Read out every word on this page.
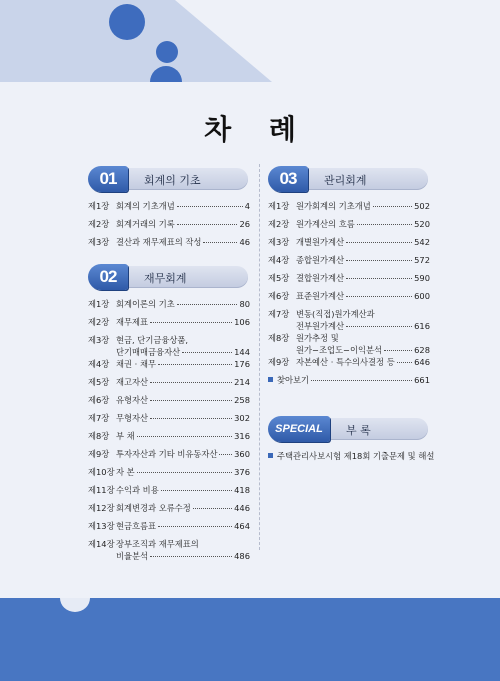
차 례
01	회계의 기초
제1장 회계의 기초개념	4
제2장 회계거래의 기록	26
제3장 결산과 재무제표의 작성	46
02	재무회계
제1장 회계이론의 기초	80
제2장 재무제표	106
제3장 현금, 단기금융상품,
단기매매금융자산	144
제4장 채권 · 채무	176
제5장 재고자산	214
제6장 유형자산	258
제7장 무형자산	302
제8장 부 채	316
제9장 투자자산과 기타 비유동자산 360
제10장 자 본	376
제11장 수익과 비용	418
제12장 회계변경과 오류수정	446
제13장 현금흐름표	464
제14장 장부조직과 재무제표의
비율분석	486
03	관리회계
제1장 원가회계의 기초개념	502
제2장 원가계산의 흐름	520
제3장 개별원가계산	542
제4장 종합원가계산	572
제5장 결합원가계산	590
제6장 표준원가계산	600
제7장 변동(직접)원가계산과
전부원가계산	616
제8장 원가추정 및
원가−조업도−이익분석	628
제9장 자본예산 · 특수의사결정 등 646
찾아보기	661
SPECIAL	부 록
주택관리사보시험 제18회 기출문제 및 해설
